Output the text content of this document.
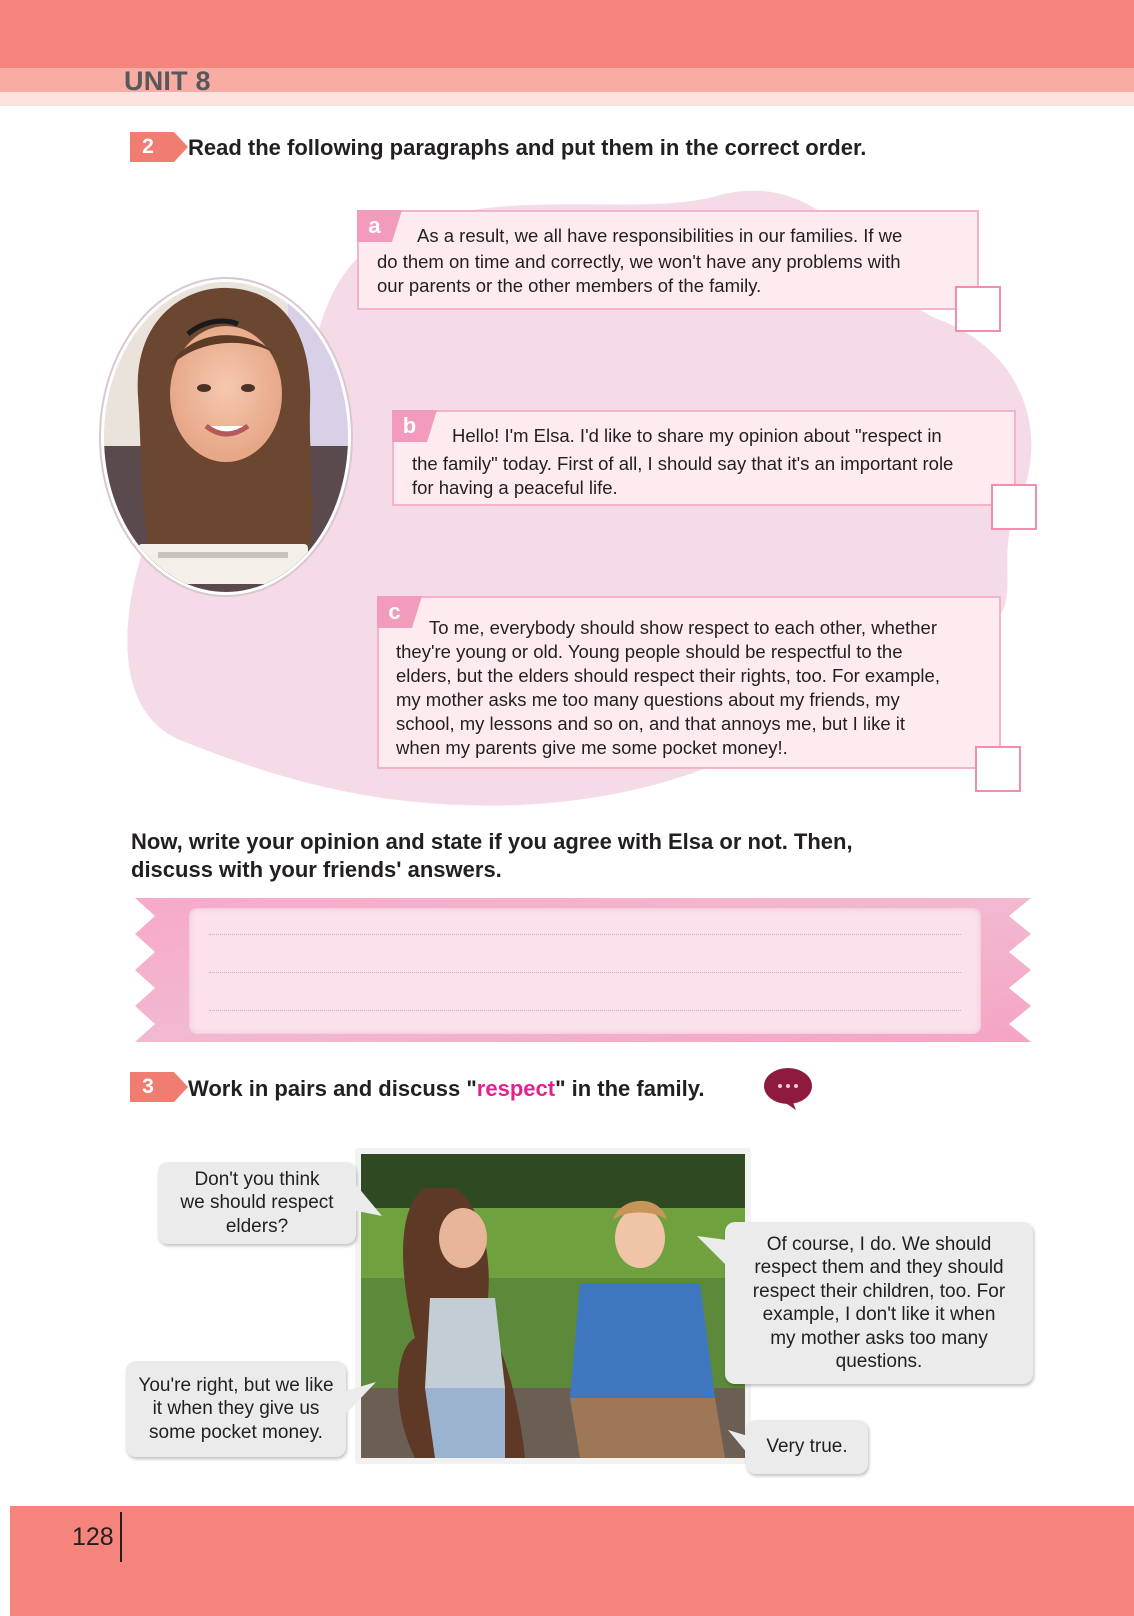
UNIT 8
2	Read the following paragraphs and put them in the correct order.
a	As a result, we all have responsibilities in our families. If we
do them on time and correctly, we won't have any problems with
our parents or the other members of the family.
b	Hello! I'm Elsa. I'd like to share my opinion about "respect in
the family" today. First of all, I should say that it's an important role
for having a peaceful life.
c
To me, everybody should show respect to each other, whether
they're young or old. Young people should be respectful to the
elders, but the elders should respect their rights, too. For example,
my mother asks me too many questions about my friends, my
school, my lessons and so on, and that annoys me, but I like it
when my parents give me some pocket money!.
Now, write your opinion and state if you agree with Elsa or not. Then,
discuss with your friends' answers.
3	Work in pairs and discuss "respect" in the family.
Don't you think
we should respect
elders?
Of course, I do. We should
respect them and they should
respect their children, too. For
example, I don't like it when
my mother asks too many
questions.
You're right, but we like
it when they give us
some pocket money.
Very true.
128
